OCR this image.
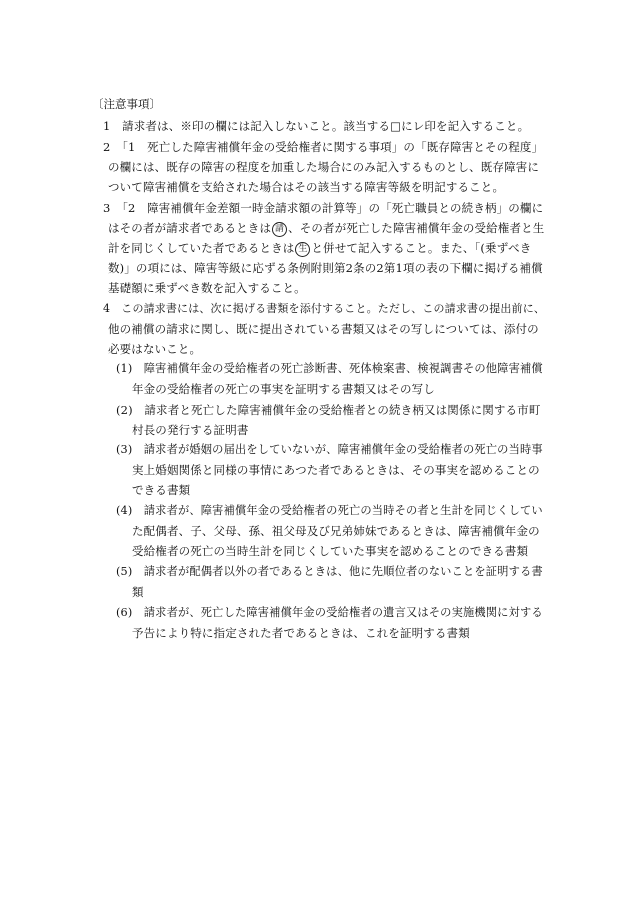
〔注意事項〕
1　請求者は、※印の欄には記入しないこと。該当する□にレ印を記入すること。
2　「1　死亡した障害補償年金の受給権者に関する事項」の「既存障害とその程度」
の欄には、既存の障害の程度を加重した場合にのみ記入するものとし、既存障害に
ついて障害補償を支給された場合はその該当する障害等級を明記すること。
3　「2　障害補償年金差額一時金請求額の計算等」の「死亡職員との続き柄」の欄に
はその者が請求者であるときは 請 、その者が死亡した障害補償年金の受給権者と生
計を同じくしていた者であるときは 生 と併せて記入すること。また、「(乗ずべき
数)」の項には、障害等級に応ずる条例附則第2条の2第1項の表の下欄に掲げる補償
基礎額に乗ずべき数を記入すること。
4　この請求書には、次に掲げる書類を添付すること。ただし、この請求書の提出前に、
他の補償の請求に関し、既に提出されている書類又はその写しについては、添付の
必要はないこと。
(1)　障害補償年金の受給権者の死亡診断書、死体検案書、検視調書その他障害補償
年金の受給権者の死亡の事実を証明する書類又はその写し
(2)　請求者と死亡した障害補償年金の受給権者との続き柄又は関係に関する市町
村長の発行する証明書
(3)　請求者が婚姻の届出をしていないが、障害補償年金の受給権者の死亡の当時事
実上婚姻関係と同様の事情にあつた者であるときは、その事実を認めることの
できる書類
(4)　請求者が、障害補償年金の受給権者の死亡の当時その者と生計を同じくしてい
た配偶者、子、父母、孫、祖父母及び兄弟姉妹であるときは、障害補償年金の
受給権者の死亡の当時生計を同じくしていた事実を認めることのできる書類
(5)　請求者が配偶者以外の者であるときは、他に先順位者のないことを証明する書
類
(6)　請求者が、死亡した障害補償年金の受給権者の遺言又はその実施機関に対する
予告により特に指定された者であるときは、これを証明する書類
